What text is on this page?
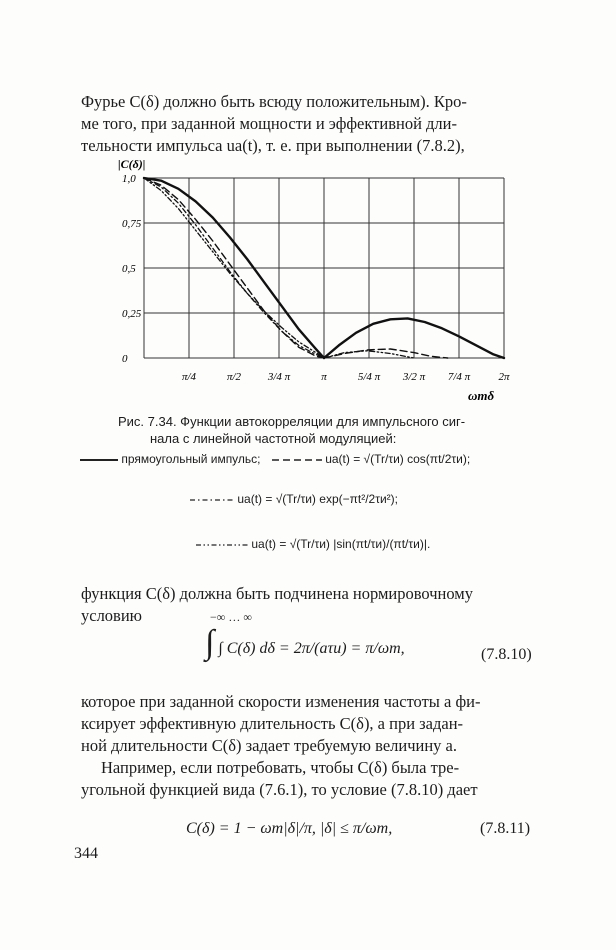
Фурье C(δ) должно быть всюду положительным). Кро-

ме того, при заданной мощности и эффективной дли-

тельности импульса uа(t), т. е. при выполнении (7.8.2),

0
0,25
0,5
0,75
1,0
π/4	π/2 3/4 π	π	5/4 π 3/2 π 7/4 π	2π
|C(δ)|
ωmδ
Рис. 7.34. Функции автокорреляции для импульсного сиг-
нала с линейной частотной модуляцией:
прямоугольный импульс;	uа(t) = √(Tr/τи) cos(πt/2τи);
uа(t) = √(Tr/τи) exp(−πt²/2τи²);
uа(t) = √(Tr/τи) |sin(πt/τи)/(πt/τи)|.

функция C(δ) должна быть подчинена нормировочному

условию

∫ ∫ C(δ) dδ = 2π/(aτи) = π/ωm,
−∞ … ∞
(7.8.10)

которое при заданной скорости изменения частоты a фи-

ксирует эффективную длительность C(δ), а при задан-

ной длительности C(δ) задает требуемую величину a.

Например, если потребовать, чтобы C(δ) была тре-

угольной функцией вида (7.6.1), то условие (7.8.10) дает

C(δ) = 1 − ωm|δ|/π, |δ| ≤ π/ωm,	(7.8.11)
344
